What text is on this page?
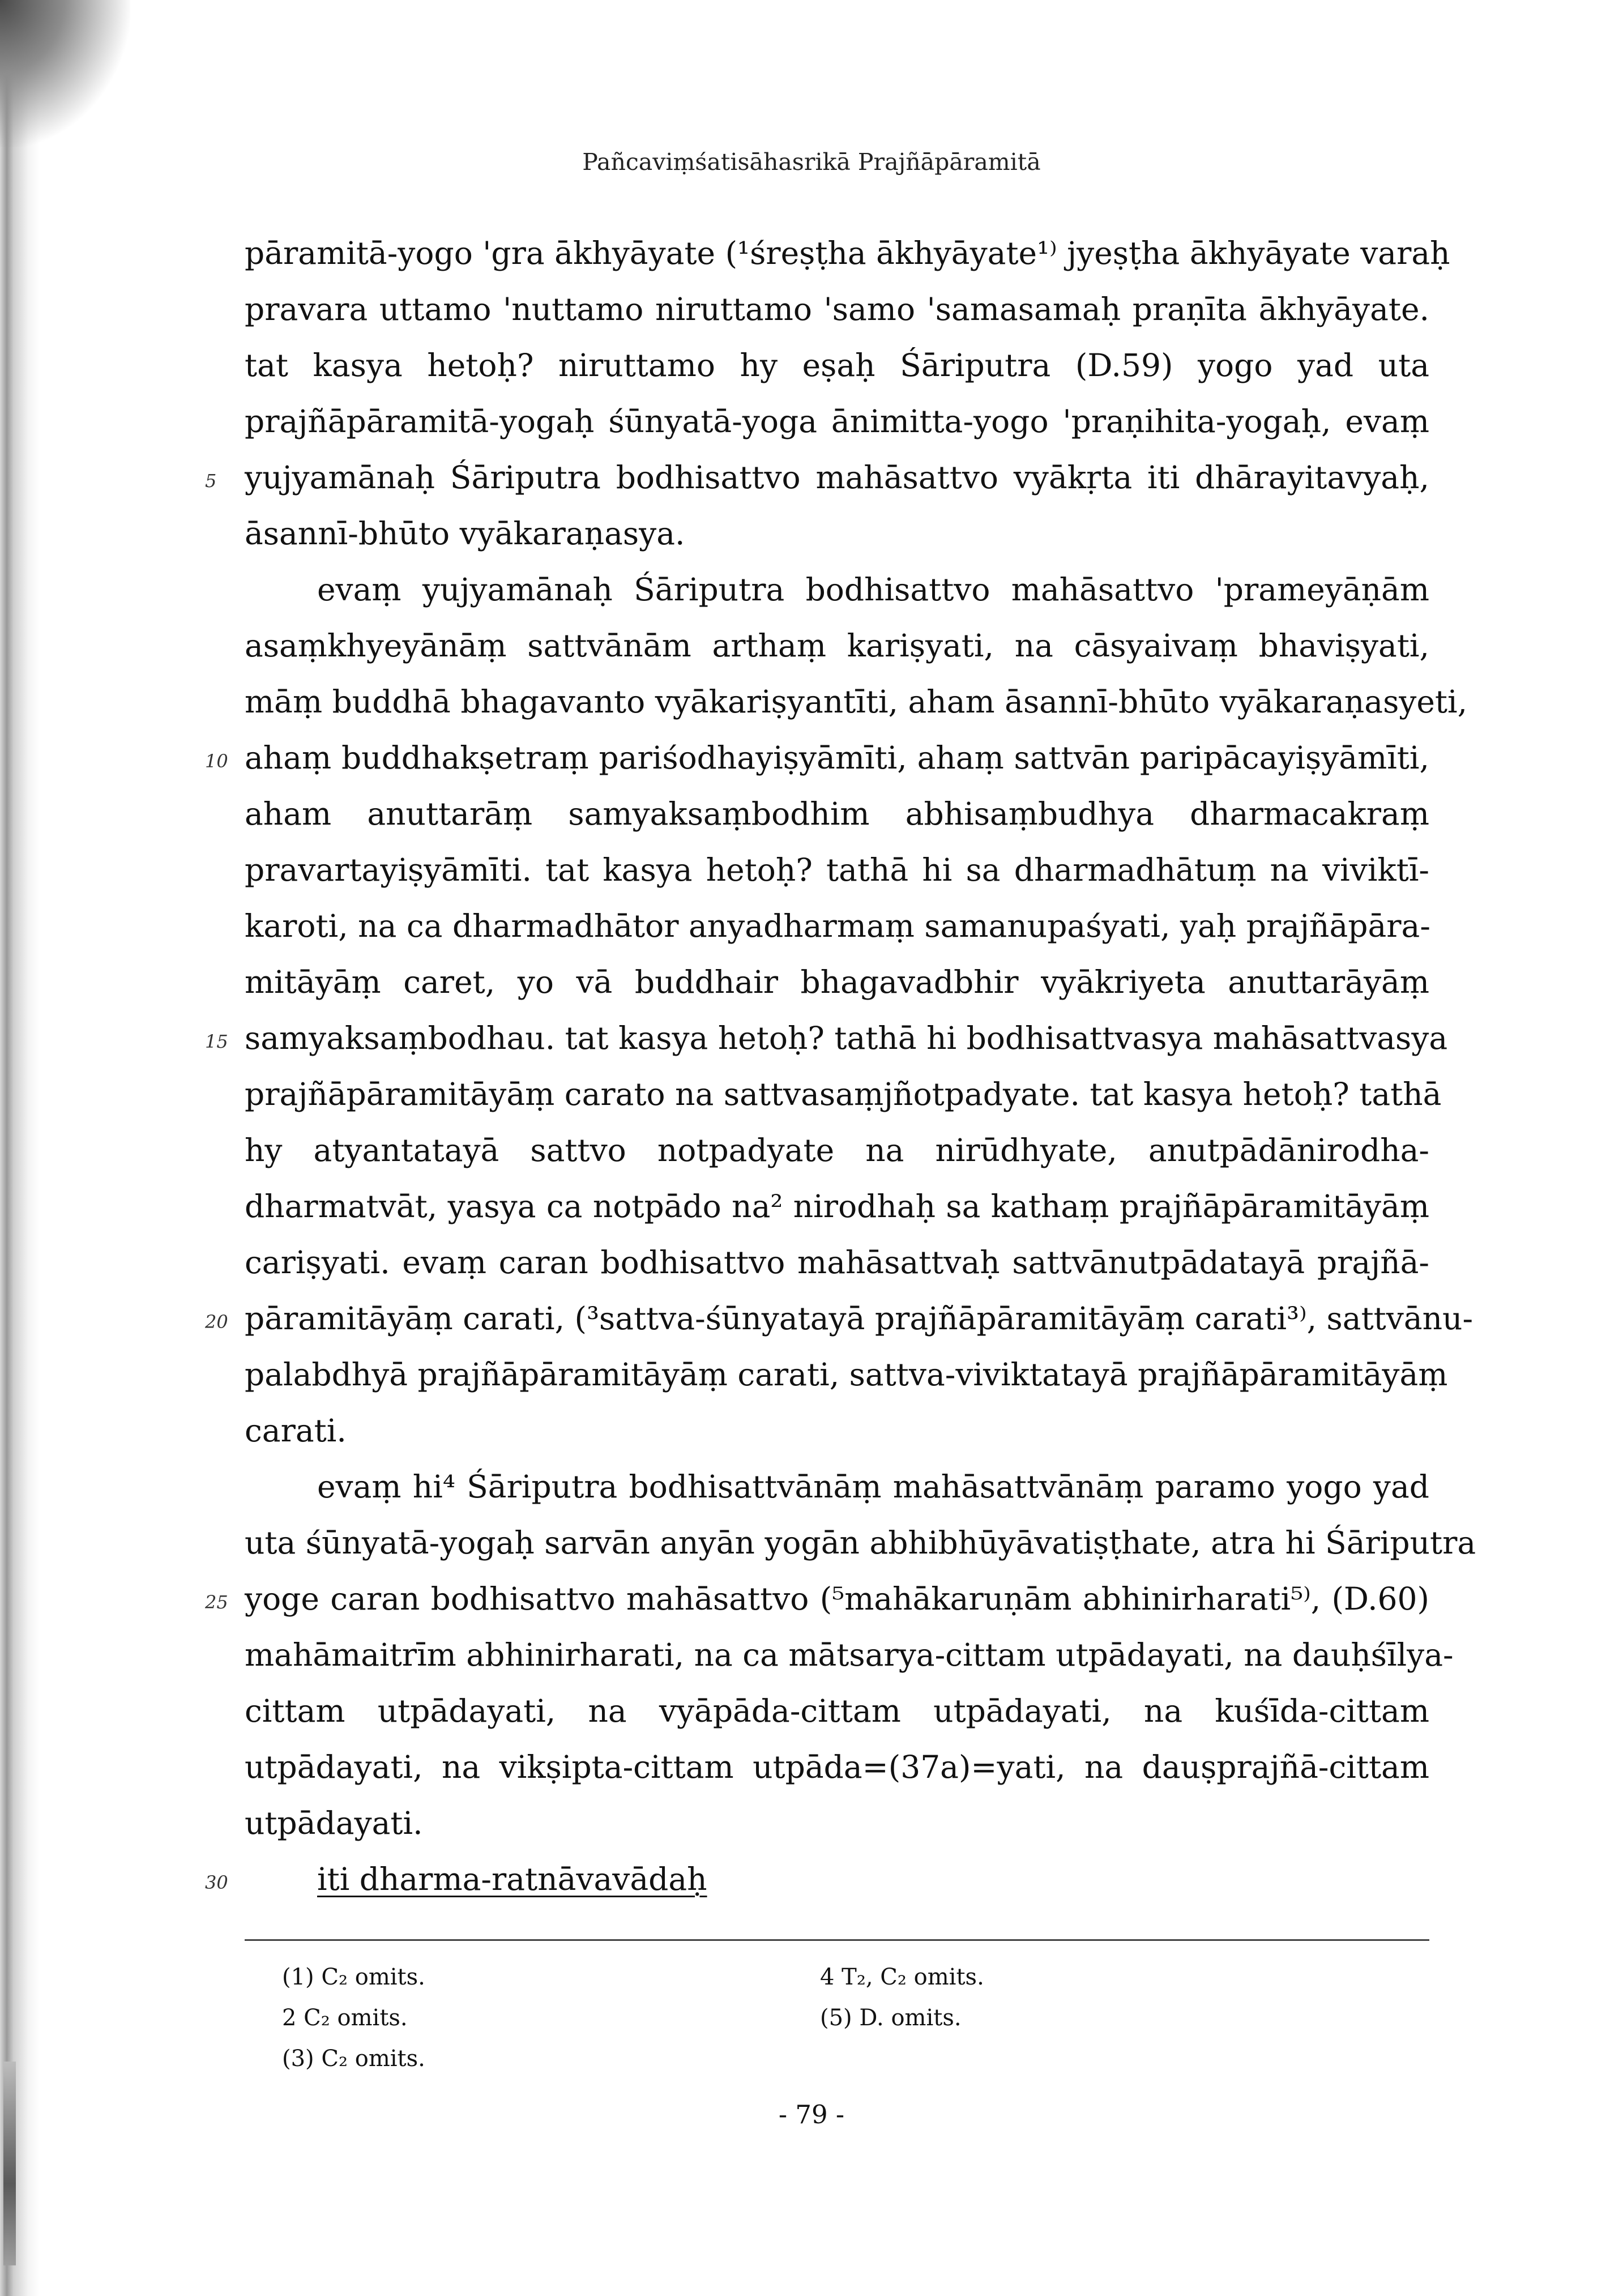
Pañcaviṃśatisāhasrikā Prajñāpāramitā
pāramitā-yogo 'gra ākhyāyate (¹śreṣṭha ākhyāyate¹⁾ jyeṣṭha ākhyāyate varaḥ
pravara uttamo 'nuttamo niruttamo 'samo 'samasamaḥ praṇīta ākhyāyate.
tat kasya hetoḥ? niruttamo hy eṣaḥ Śāriputra (D.59) yogo yad uta
prajñāpāramitā-yogaḥ śūnyatā-yoga ānimitta-yogo 'praṇihita-yogaḥ, evaṃ
yujyamānaḥ Śāriputra bodhisattvo mahāsattvo vyākṛta iti dhārayitavyaḥ,
āsannī-bhūto vyākaraṇasya.
evaṃ yujyamānaḥ Śāriputra bodhisattvo mahāsattvo 'prameyāṇām
asaṃkhyeyānāṃ sattvānām arthaṃ kariṣyati, na cāsyaivaṃ bhaviṣyati,
māṃ buddhā bhagavanto vyākariṣyantīti, aham āsannī-bhūto vyākaraṇasyeti,
ahaṃ buddhakṣetraṃ pariśodhayiṣyāmīti, ahaṃ sattvān paripācayiṣyāmīti,
aham anuttarāṃ samyaksaṃbodhim abhisaṃbudhya dharmacakraṃ
pravartayiṣyāmīti. tat kasya hetoḥ? tathā hi sa dharmadhātuṃ na viviktī-
karoti, na ca dharmadhātor anyadharmaṃ samanupaśyati, yaḥ prajñāpāra-
mitāyāṃ caret, yo vā buddhair bhagavadbhir vyākriyeta anuttarāyāṃ
samyaksaṃbodhau. tat kasya hetoḥ? tathā hi bodhisattvasya mahāsattvasya
prajñāpāramitāyāṃ carato na sattvasaṃjñotpadyate. tat kasya hetoḥ? tathā
hy atyantatayā sattvo notpadyate na nirūdhyate, anutpādānirodha-
dharmatvāt, yasya ca notpādo na² nirodhaḥ sa kathaṃ prajñāpāramitāyāṃ
cariṣyati. evaṃ caran bodhisattvo mahāsattvaḥ sattvānutpādatayā prajñā-
pāramitāyāṃ carati, (³sattva-śūnyatayā prajñāpāramitāyāṃ carati³⁾, sattvānu-
palabdhyā prajñāpāramitāyāṃ carati, sattva-viviktatayā prajñāpāramitāyāṃ
carati.
evaṃ hi⁴ Śāriputra bodhisattvānāṃ mahāsattvānāṃ paramo yogo yad
uta śūnyatā-yogaḥ sarvān anyān yogān abhibhūyāvatiṣṭhate, atra hi Śāriputra
yoge caran bodhisattvo mahāsattvo (⁵mahākaruṇām abhinirharati⁵⁾, (D.60)
mahāmaitrīm abhinirharati, na ca mātsarya-cittam utpādayati, na dauḥśīlya-
cittam utpādayati, na vyāpāda-cittam utpādayati, na kuśīda-cittam
utpādayati, na vikṣipta-cittam utpāda=(37a)=yati, na dauṣprajñā-cittam
utpādayati.
iti dharma-ratnāvavādaḥ
5
10
15
20
25
30
(1) C₂ omits.
2 C₂ omits.
(3) C₂ omits.
4 T₂, C₂ omits.
(5) D. omits.
- 79 -
